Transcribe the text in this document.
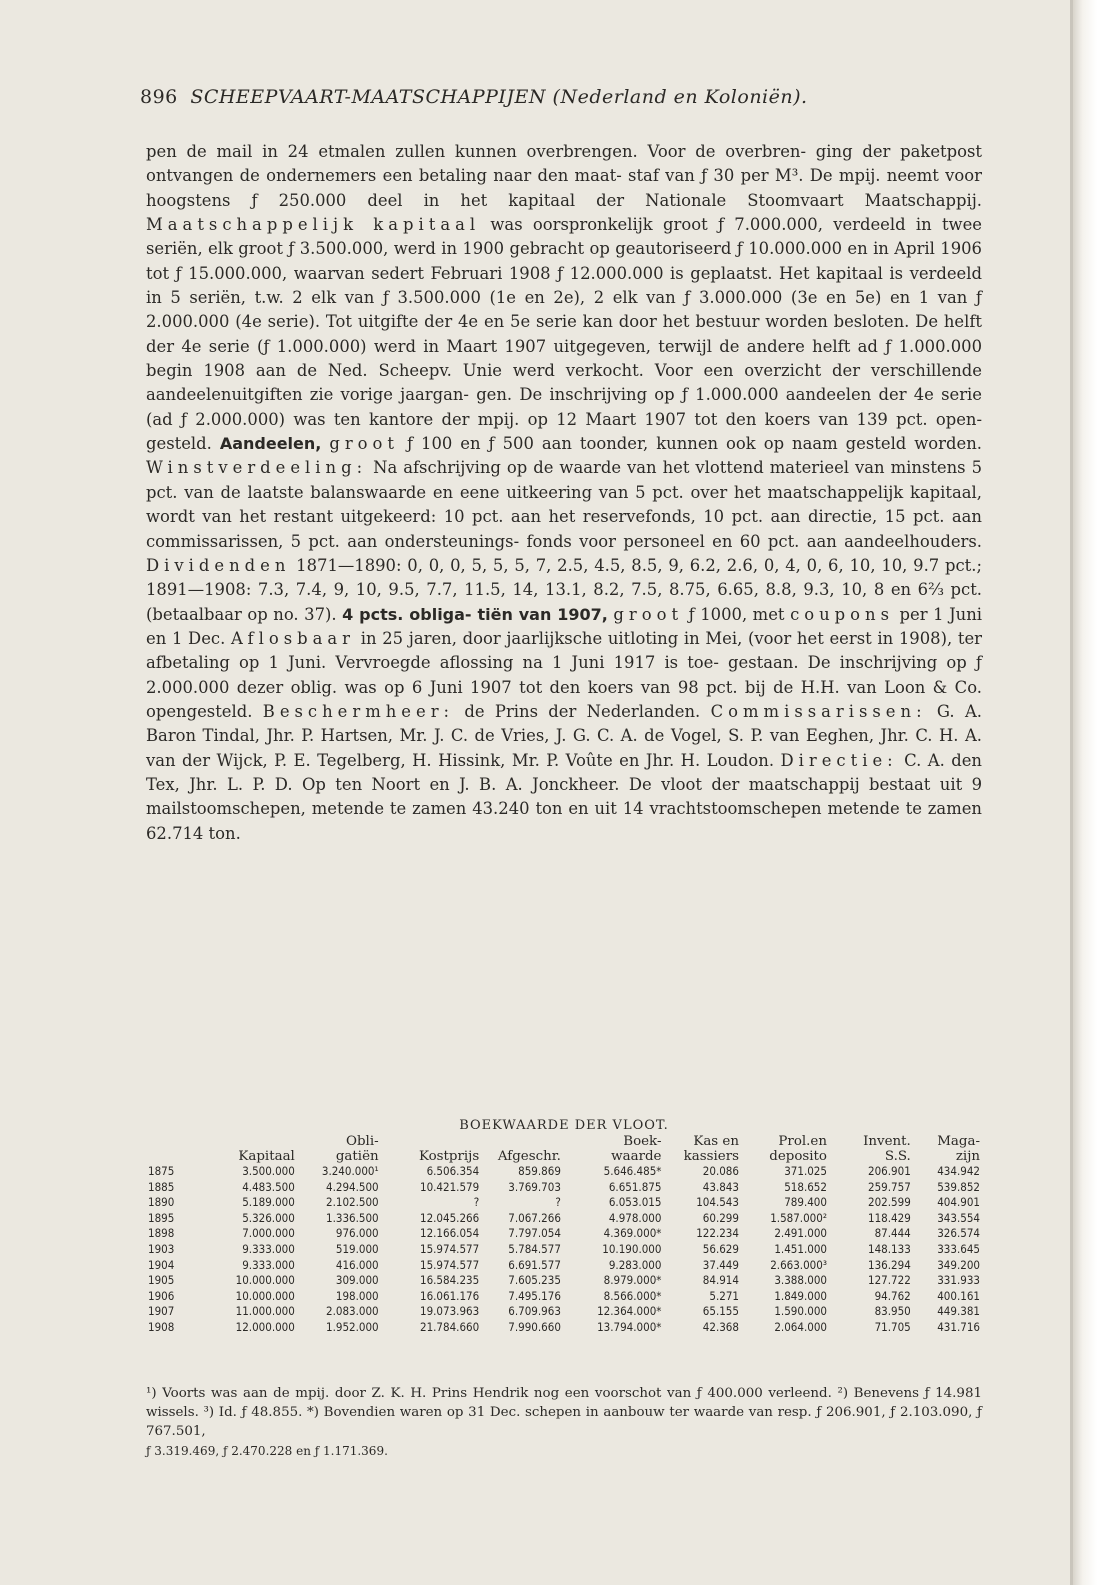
896 SCHEEPVAART-MAATSCHAPPIJEN (Nederland en Koloniën).
pen de mail in 24 etmalen zullen kunnen overbrengen. Voor de overbren- ging der paketpost ontvangen de ondernemers een betaling naar den maat- staf van ƒ 30 per M³. De mpij. neemt voor hoogstens ƒ 250.000 deel in het kapitaal der Nationale Stoomvaart Maatschappij. Maatschappelijk kapitaal was oorspronkelijk groot ƒ 7.000.000, verdeeld in twee seriën, elk groot ƒ 3.500.000, werd in 1900 gebracht op geautoriseerd ƒ 10.000.000 en in April 1906 tot ƒ 15.000.000, waarvan sedert Februari 1908 ƒ 12.000.000 is geplaatst. Het kapitaal is verdeeld in 5 seriën, t.w. 2 elk van ƒ 3.500.000 (1e en 2e), 2 elk van ƒ 3.000.000 (3e en 5e) en 1 van ƒ 2.000.000 (4e serie). Tot uitgifte der 4e en 5e serie kan door het bestuur worden besloten. De helft der 4e serie (ƒ 1.000.000) werd in Maart 1907 uitgegeven, terwijl de andere helft ad ƒ 1.000.000 begin 1908 aan de Ned. Scheepv. Unie werd verkocht. Voor een overzicht der verschillende aandeelenuitgiften zie vorige jaargan- gen. De inschrijving op ƒ 1.000.000 aandeelen der 4e serie (ad ƒ 2.000.000) was ten kantore der mpij. op 12 Maart 1907 tot den koers van 139 pct. open- gesteld. Aandeelen, groot ƒ 100 en ƒ 500 aan toonder, kunnen ook op naam gesteld worden. Winstverdeeling: Na afschrijving op de waarde van het vlottend materieel van minstens 5 pct. van de laatste balanswaarde en eene uitkeering van 5 pct. over het maatschappelijk kapitaal, wordt van het restant uitgekeerd: 10 pct. aan het reservefonds, 10 pct. aan directie, 15 pct. aan commissarissen, 5 pct. aan ondersteunings- fonds voor personeel en 60 pct. aan aandeelhouders. Dividenden 1871—1890: 0, 0, 0, 5, 5, 5, 7, 2.5, 4.5, 8.5, 9, 6.2, 2.6, 0, 4, 0, 6, 10, 10, 9.7 pct.; 1891—1908: 7.3, 7.4, 9, 10, 9.5, 7.7, 11.5, 14, 13.1, 8.2, 7.5, 8.75, 6.65, 8.8, 9.3, 10, 8 en 6⅔ pct. (betaalbaar op no. 37). 4 pcts. obliga- tiën van 1907, groot ƒ 1000, met coupons per 1 Juni en 1 Dec. Aflosbaar in 25 jaren, door jaarlijksche uitloting in Mei, (voor het eerst in 1908), ter afbetaling op 1 Juni. Vervroegde aflossing na 1 Juni 1917 is toe- gestaan. De inschrijving op ƒ 2.000.000 dezer oblig. was op 6 Juni 1907 tot den koers van 98 pct. bij de H.H. van Loon & Co. opengesteld. Beschermheer: de Prins der Nederlanden. Commissarissen: G. A. Baron Tindal, Jhr. P. Hartsen, Mr. J. C. de Vries, J. G. C. A. de Vogel, S. P. van Eeghen, Jhr. C. H. A. van der Wijck, P. E. Tegelberg, H. Hissink, Mr. P. Voûte en Jhr. H. Loudon. Directie: C. A. den Tex, Jhr. L. P. D. Op ten Noort en J. B. A. Jonckheer. De vloot der maatschappij bestaat uit 9 mailstoomschepen, metende te zamen 43.240 ton en uit 14 vrachtstoomschepen metende te zamen 62.714 ton.
BOEKWAARDE DER VLOOT.
		Obli-			Boek-	Kas en	Prol.en	Invent.	Maga-
	Kapitaal	gatiën	Kostprijs	Afgeschr.	waarde	kassiers	deposito	S.S.	zijn
1875	3.500.000	3.240.000¹	6.506.354	859.869	5.646.485*	20.086	371.025	206.901	434.942
1885	4.483.500	4.294.500	10.421.579	3.769.703	6.651.875	43.843	518.652	259.757	539.852
1890	5.189.000	2.102.500	?	?	6.053.015	104.543	789.400	202.599	404.901
1895	5.326.000	1.336.500	12.045.266	7.067.266	4.978.000	60.299	1.587.000²	118.429	343.554
1898	7.000.000	976.000	12.166.054	7.797.054	4.369.000*	122.234	2.491.000	87.444	326.574
1903	9.333.000	519.000	15.974.577	5.784.577	10.190.000	56.629	1.451.000	148.133	333.645
1904	9.333.000	416.000	15.974.577	6.691.577	9.283.000	37.449	2.663.000³	136.294	349.200
1905	10.000.000	309.000	16.584.235	7.605.235	8.979.000*	84.914	3.388.000	127.722	331.933
1906	10.000.000	198.000	16.061.176	7.495.176	8.566.000*	5.271	1.849.000	94.762	400.161
1907	11.000.000	2.083.000	19.073.963	6.709.963	12.364.000*	65.155	1.590.000	83.950	449.381
1908	12.000.000	1.952.000	21.784.660	7.990.660	13.794.000*	42.368	2.064.000	71.705	431.716
¹) Voorts was aan de mpij. door Z. K. H. Prins Hendrik nog een voorschot van ƒ 400.000 verleend. ²) Benevens ƒ 14.981 wissels. ³) Id. ƒ 48.855. *) Bovendien waren op 31 Dec. schepen in aanbouw ter waarde van resp. ƒ 206.901, ƒ 2.103.090, ƒ 767.501,
ƒ 3.319.469, ƒ 2.470.228 en ƒ 1.171.369.
